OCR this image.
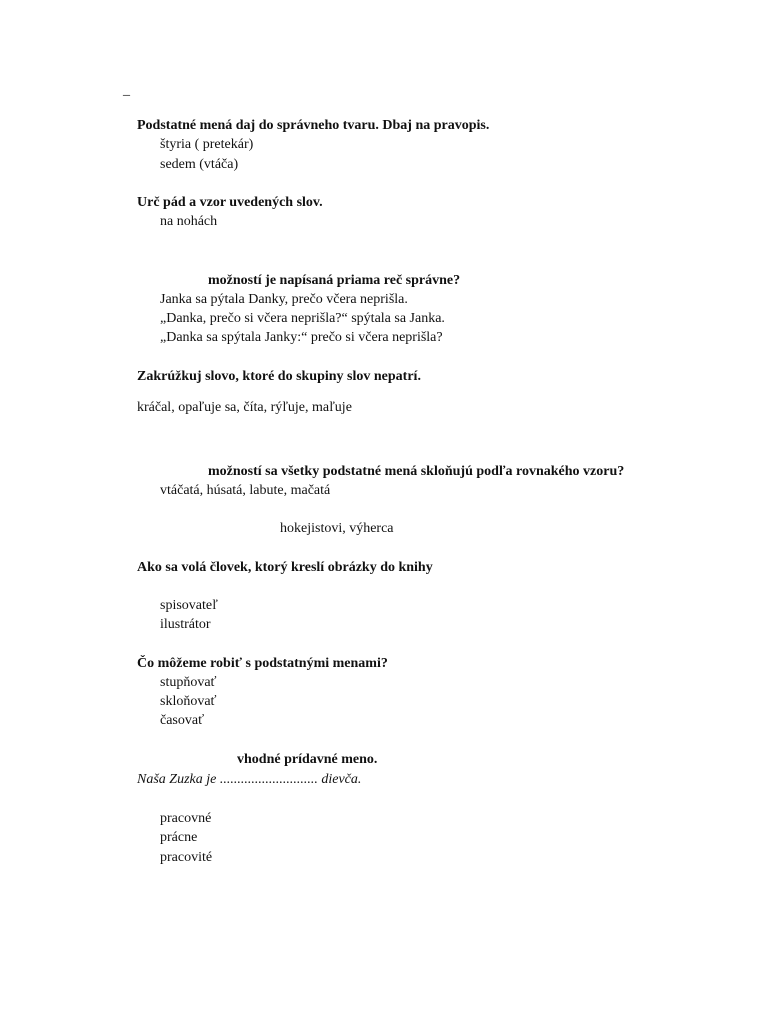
_
Podstatné mená daj do správneho tvaru. Dbaj na pravopis.
štyria ( pretekár)
sedem (vtáča)
Urč pád a vzor uvedených slov.
na nohách
možností je napísaná priama reč správne?
Janka sa pýtala Danky, prečo včera neprišla.
„Danka, prečo si včera neprišla?“ spýtala sa Janka.
„Danka sa spýtala Janky:“ prečo si včera neprišla?
Zakrúžkuj slovo, ktoré do skupiny slov nepatrí.
kráčal, opaľuje sa, číta, rýľuje, maľuje
možností sa všetky podstatné mená skloňujú podľa rovnakého vzoru?
vtáčatá, húsatá, labute, mačatá
hokejistovi, výherca
Ako sa volá človek, ktorý kreslí obrázky do knihy
spisovateľ
ilustrátor
Čo môžeme robiť s podstatnými menami?
stupňovať
skloňovať
časovať
vhodné prídavné meno.
Naša Zuzka je ............................ dievča.
pracovné
prácne
pracovité
